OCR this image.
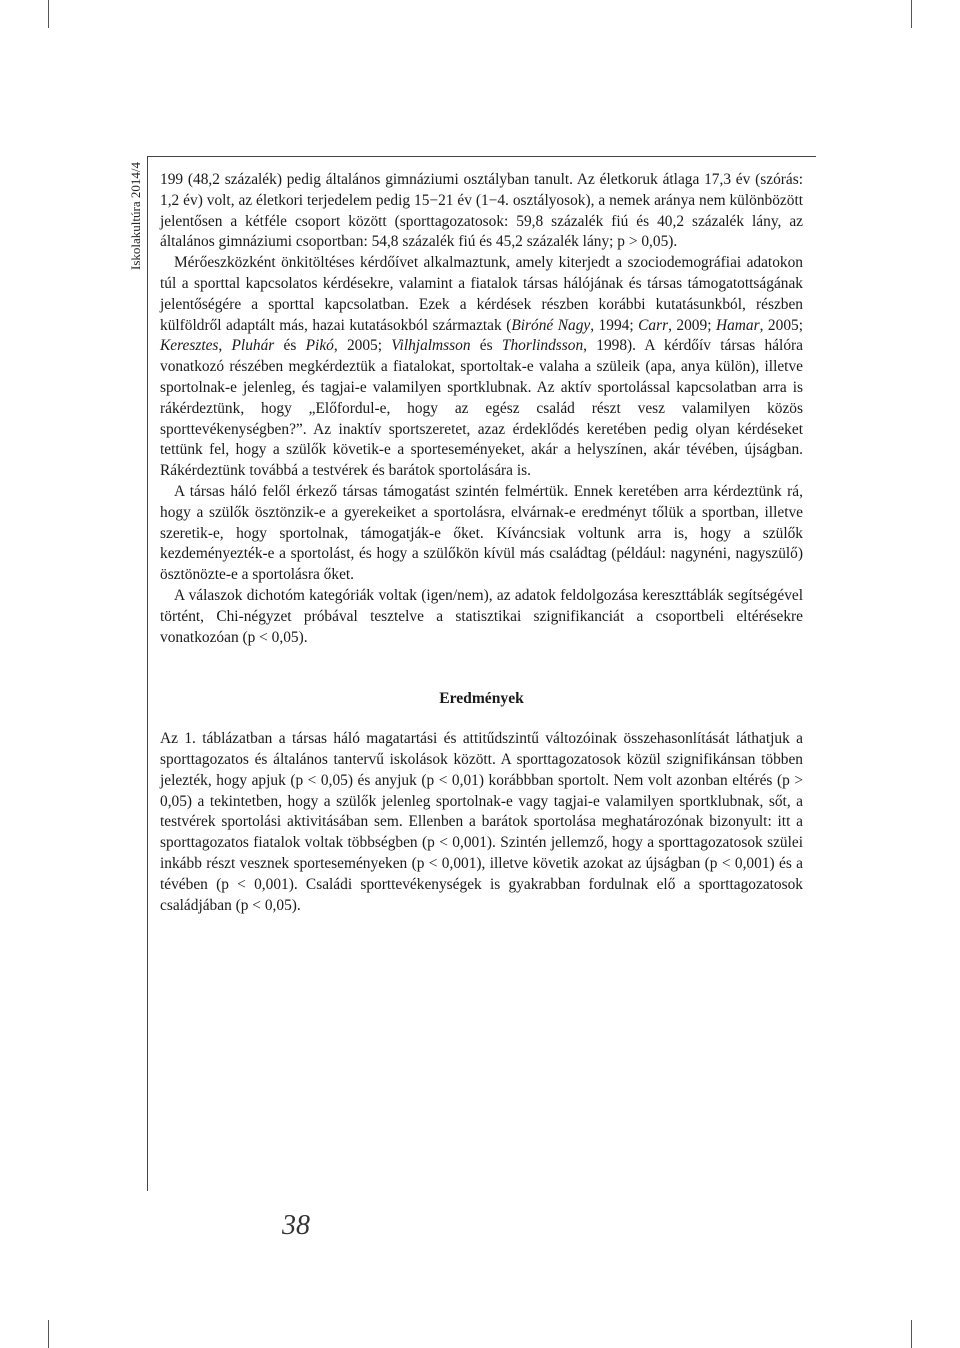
Iskolakultúra 2014/4 199 (48,2 százalék) pedig általános gimnáziumi osztályban tanult. Az életkoruk átlaga 17,3 év (szórás: 1,2 év) volt, az életkori terjedelem pedig 15−21 év (1−4. osztályosok), a nemek aránya nem különbözött jelentősen a kétféle csoport között (sporttagozatosok: 59,8 százalék fiú és 40,2 százalék lány, az általános gimnáziumi csoportban: 54,8 százalék fiú és 45,2 százalék lány; p > 0,05).

Mérőeszközként önkitöltéses kérdőívet alkalmaztunk, amely kiterjedt a szociodemográfiai adatokon túl a sporttal kapcsolatos kérdésekre, valamint a fiatalok társas hálójának és társas támogatottságának jelentőségére a sporttal kapcsolatban. Ezek a kérdések részben korábbi kutatásunkból, részben külföldről adaptált más, hazai kutatásokból származtak (Biróné Nagy, 1994; Carr, 2009; Hamar, 2005; Keresztes, Pluhár és Pikó, 2005; Vilhjalmsson és Thorlindsson, 1998). A kérdőív társas hálóra vonatkozó részében megkérdeztük a fiatalokat, sportoltak-e valaha a szüleik (apa, anya külön), illetve sportolnak-e jelenleg, és tagjai-e valamilyen sportklubnak. Az aktív sportolással kapcsolatban arra is rákérdeztünk, hogy „Előfordul-e, hogy az egész család részt vesz valamilyen közös sporttevékenységben?”. Az inaktív sportszeretet, azaz érdeklődés keretében pedig olyan kérdéseket tettünk fel, hogy a szülők követik-e a sporteseményeket, akár a helyszínen, akár tévében, újságban. Rákérdeztünk továbbá a testvérek és barátok sportolására is.

A társas háló felől érkező társas támogatást szintén felmértük. Ennek keretében arra kérdeztünk rá, hogy a szülők ösztönzik-e a gyerekeiket a sportolásra, elvárnak-e eredményt tőlük a sportban, illetve szeretik-e, hogy sportolnak, támogatják-e őket. Kíváncsiak voltunk arra is, hogy a szülők kezdeményezték-e a sportolást, és hogy a szülőkön kívül más családtag (például: nagynéni, nagyszülő) ösztönözte-e a sportolásra őket.

A válaszok dichotóm kategóriák voltak (igen/nem), az adatok feldolgozása kereszttáblák segítségével történt, Chi-négyzet próbával tesztelve a statisztikai szignifikanciát a csoportbeli eltérésekre vonatkozóan (p < 0,05).

Eredmények

Az 1. táblázatban a társas háló magatartási és attitűdszintű változóinak összehasonlítását láthatjuk a sporttagozatos és általános tantervű iskolások között. A sporttagozatosok közül szignifikánsan többen jelezték, hogy apjuk (p < 0,05) és anyjuk (p < 0,01) korábbban sportolt. Nem volt azonban eltérés (p > 0,05) a tekintetben, hogy a szülők jelenleg sportolnak-e vagy tagjai-e valamilyen sportklubnak, sőt, a testvérek sportolási aktivitásában sem. Ellenben a barátok sportolása meghatározónak bizonyult: itt a sporttagozatos fiatalok voltak többségben (p < 0,001). Szintén jellemző, hogy a sporttagozatosok szülei inkább részt vesznek sporteseményeken (p < 0,001), illetve követik azokat az újságban (p < 0,001) és a tévében (p < 0,001). Családi sporttevékenységek is gyakrabban fordulnak elő a sporttagozatosok családjában (p < 0,05).

38
